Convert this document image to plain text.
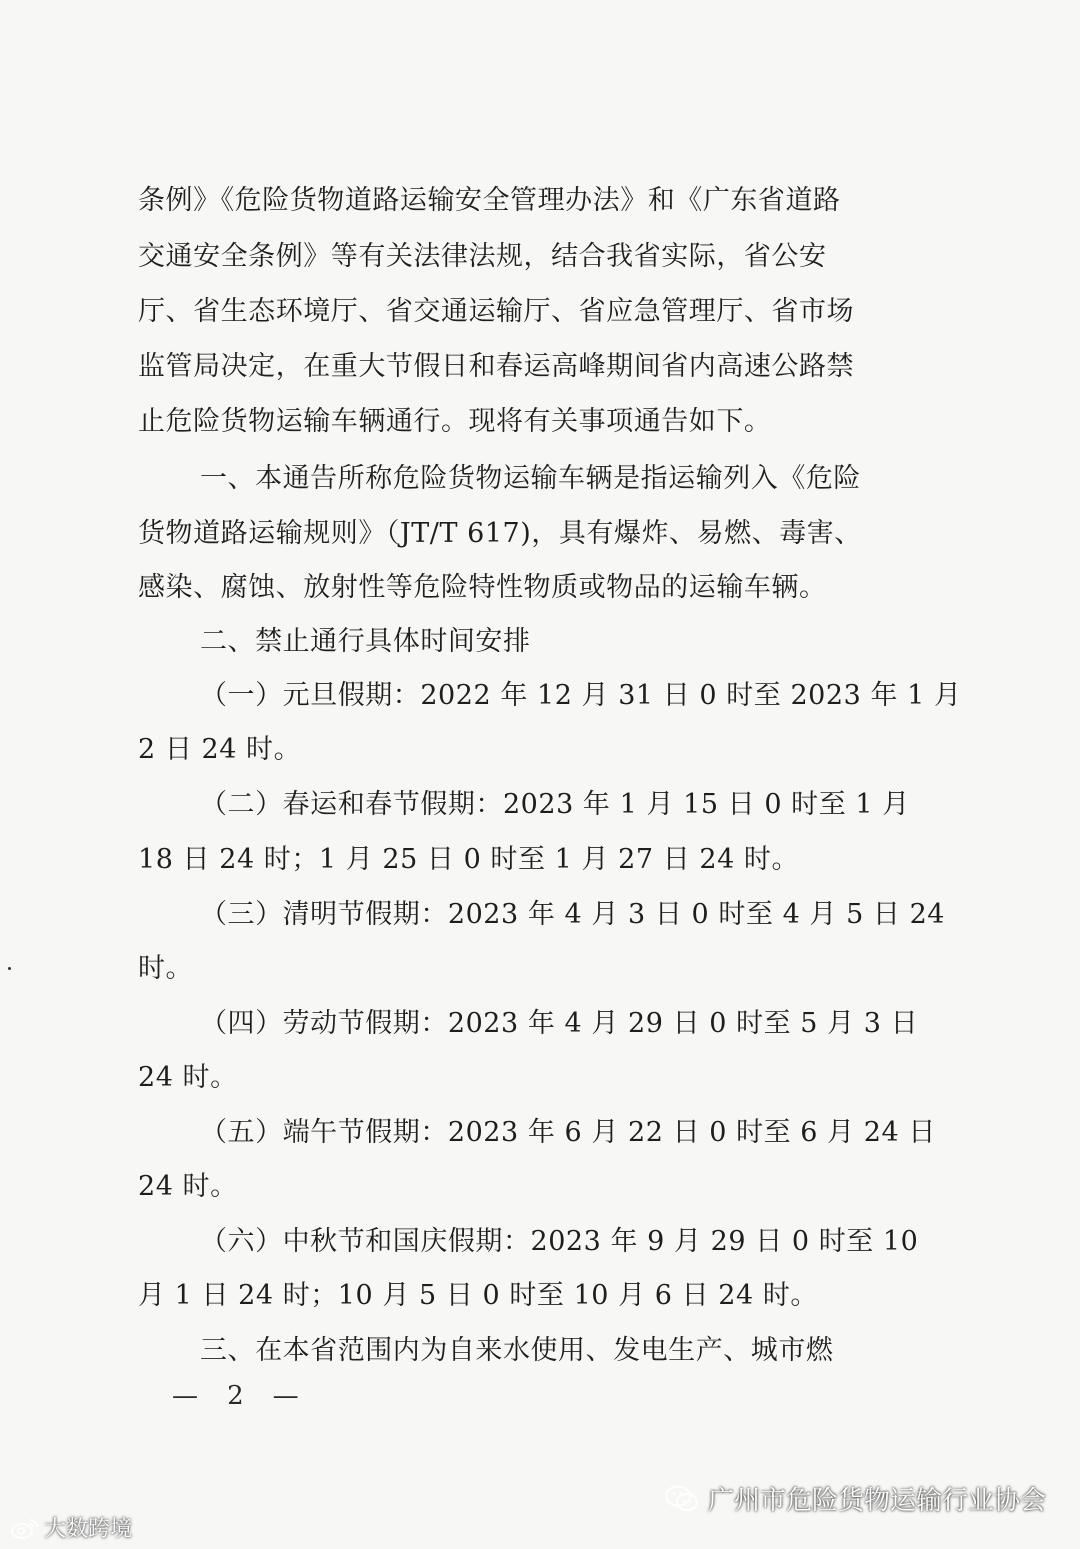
条例》《危险货物道路运输安全管理办法》和《广东省道路
交通安全条例》等有关法律法规，结合我省实际，省公安
厅、省生态环境厅、省交通运输厅、省应急管理厅、省市场
监管局决定，在重大节假日和春运高峰期间省内高速公路禁
止危险货物运输车辆通行。现将有关事项通告如下。
一、本通告所称危险货物运输车辆是指运输列入《危险
货物道路运输规则》（JT/T 617)，具有爆炸、易燃、毒害、
感染、腐蚀、放射性等危险特性物质或物品的运输车辆。
二、禁止通行具体时间安排
（一）元旦假期：2022 年 12 月 31 日 0 时至 2023 年 1 月
2 日 24 时。
（二）春运和春节假期：2023 年 1 月 15 日 0 时至 1 月
18 日 24 时；1 月 25 日 0 时至 1 月 27 日 24 时。
（三）清明节假期：2023 年 4 月 3 日 0 时至 4 月 5 日 24
时。
（四）劳动节假期：2023 年 4 月 29 日 0 时至 5 月 3 日
24 时。
（五）端午节假期：2023 年 6 月 22 日 0 时至 6 月 24 日
24 时。
（六）中秋节和国庆假期：2023 年 9 月 29 日 0 时至 10
月 1 日 24 时；10 月 5 日 0 时至 10 月 6 日 24 时。
三、在本省范围内为自来水使用、发电生产、城市燃
— 2 —
广州市危险货物运输行业协会
大数跨境
